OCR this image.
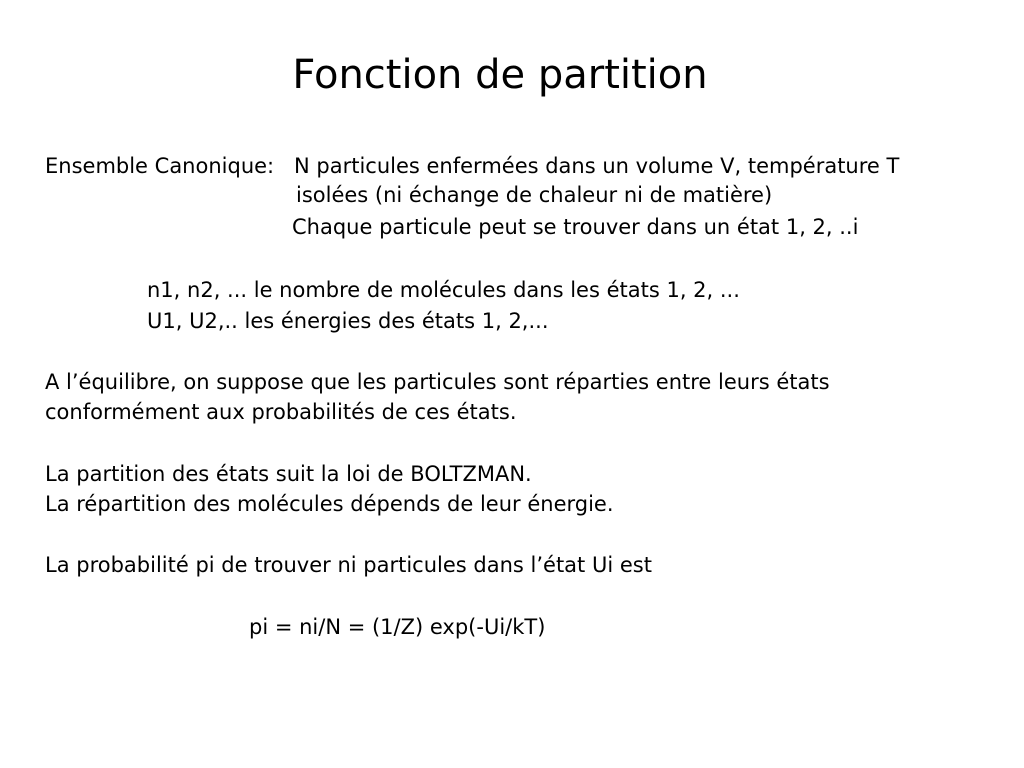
Fonction de partition
Ensemble Canonique: N particules enfermées dans un volume V, température T
isolées (ni échange de chaleur ni de matière)
Chaque particule peut se trouver dans un état 1, 2, ..i
n1, n2, ... le nombre de molécules dans les états 1, 2, ...
U1, U2,.. les énergies des états 1, 2,...
A l’équilibre, on suppose que les particules sont réparties entre leurs états
conformément aux probabilités de ces états.
La partition des états suit la loi de BOLTZMAN.
La répartition des molécules dépends de leur énergie.
La probabilité pi de trouver ni particules dans l’état Ui est
pi = ni/N = (1/Z) exp(-Ui/kT)
